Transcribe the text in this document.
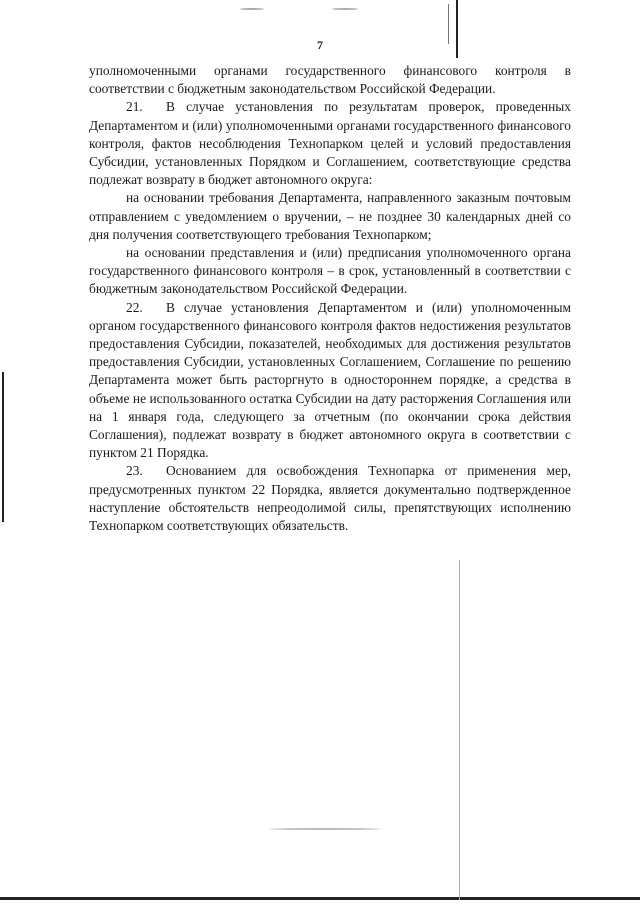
7

уполномоченными органами государственного финансового контроля в соответствии с бюджетным законодательством Российской Федерации.

21. В случае установления по результатам проверок, проведенных Департаментом и (или) уполномоченными органами государственного финансового контроля, фактов несоблюдения Технопарком целей и условий предоставления Субсидии, установленных Порядком и Соглашением, соответствующие средства подлежат возврату в бюджет автономного округа:

на основании требования Департамента, направленного заказным почтовым отправлением с уведомлением о вручении, – не позднее 30 календарных дней со дня получения соответствующего требования Технопарком;

на основании представления и (или) предписания уполномоченного органа государственного финансового контроля – в срок, установленный в соответствии с бюджетным законодательством Российской Федерации.

22. В случае установления Департаментом и (или) уполномоченным органом государственного финансового контроля фактов недостижения результатов предоставления Субсидии, показателей, необходимых для достижения результатов предоставления Субсидии, установленных Соглашением, Соглашение по решению Департамента может быть расторгнуто в одностороннем порядке, а средства в объеме не использованного остатка Субсидии на дату расторжения Соглашения или на 1 января года, следующего за отчетным (по окончании срока действия Соглашения), подлежат возврату в бюджет автономного округа в соответствии с пунктом 21 Порядка.

23. Основанием для освобождения Технопарка от применения мер, предусмотренных пунктом 22 Порядка, является документально подтвержденное наступление обстоятельств непреодолимой силы, препятствующих исполнению Технопарком соответствующих обязательств.
